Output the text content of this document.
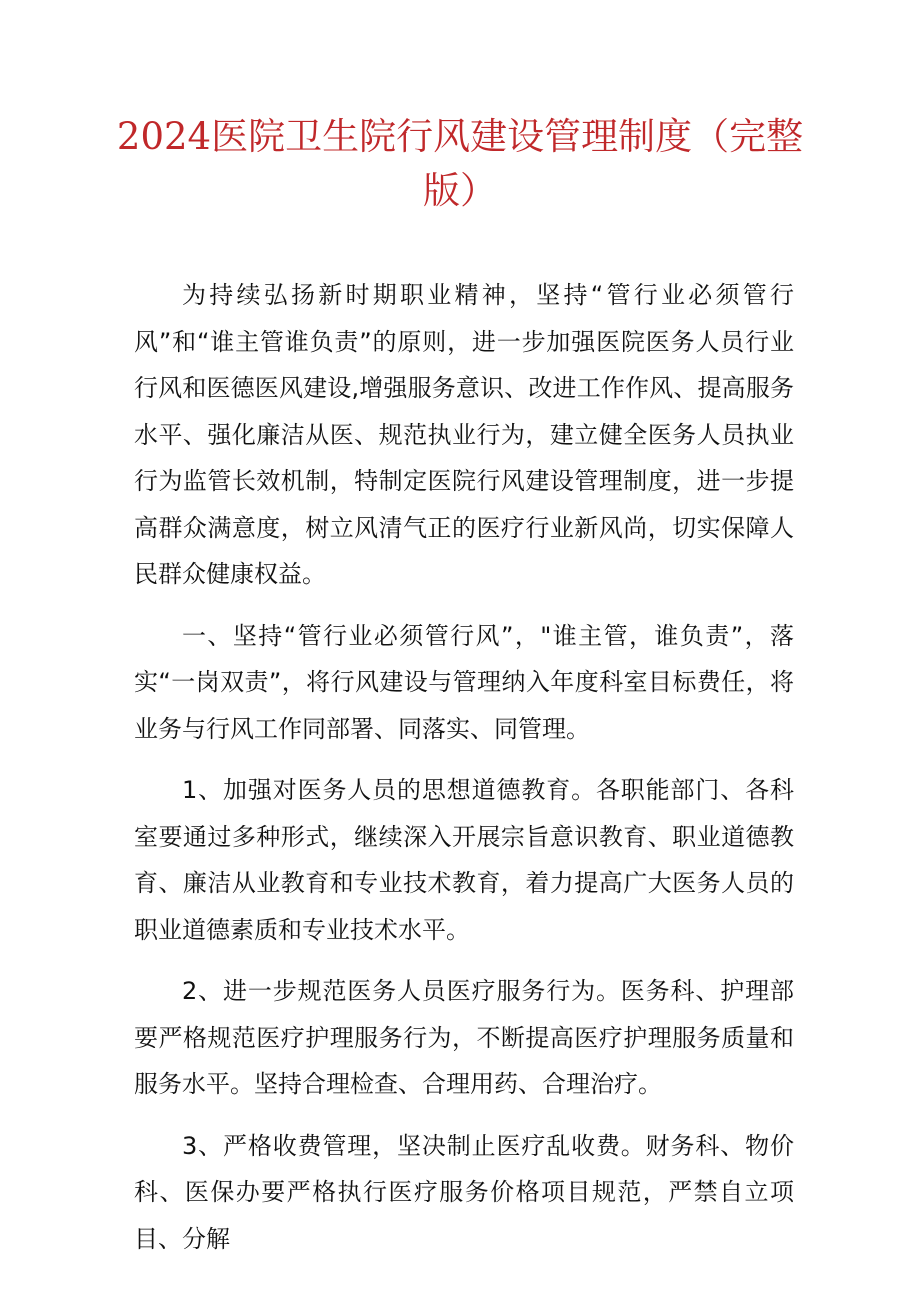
2024医院卫生院行风建设管理制度（完整版）

为持续弘扬新时期职业精神，坚持“管行业必须管行风”和“谁主管谁负责”的原则，进一步加强医院医务人员行业行风和医德医风建设,增强服务意识、改进工作作风、提高服务水平、强化廉洁从医、规范执业行为，建立健全医务人员执业行为监管长效机制，特制定医院行风建设管理制度，进一步提高群众满意度，树立风清气正的医疗行业新风尚，切实保障人民群众健康权益。

一、坚持“管行业必须管行风”，"谁主管，谁负责”，落实“一岗双责”，将行风建设与管理纳入年度科室目标费任，将业务与行风工作同部署、同落实、同管理。

1、加强对医务人员的思想道德教育。各职能部门、各科室要通过多种形式，继续深入开展宗旨意识教育、职业道德教育、廉洁从业教育和专业技术教育，着力提高广大医务人员的职业道德素质和专业技术水平。

2、进一步规范医务人员医疗服务行为。医务科、护理部要严格规范医疗护理服务行为，不断提高医疗护理服务质量和服务水平。坚持合理检查、合理用药、合理治疗。

3、严格收费管理，坚决制止医疗乱收费。财务科、物价科、医保办要严格执行医疗服务价格项目规范，严禁自立项目、分解
